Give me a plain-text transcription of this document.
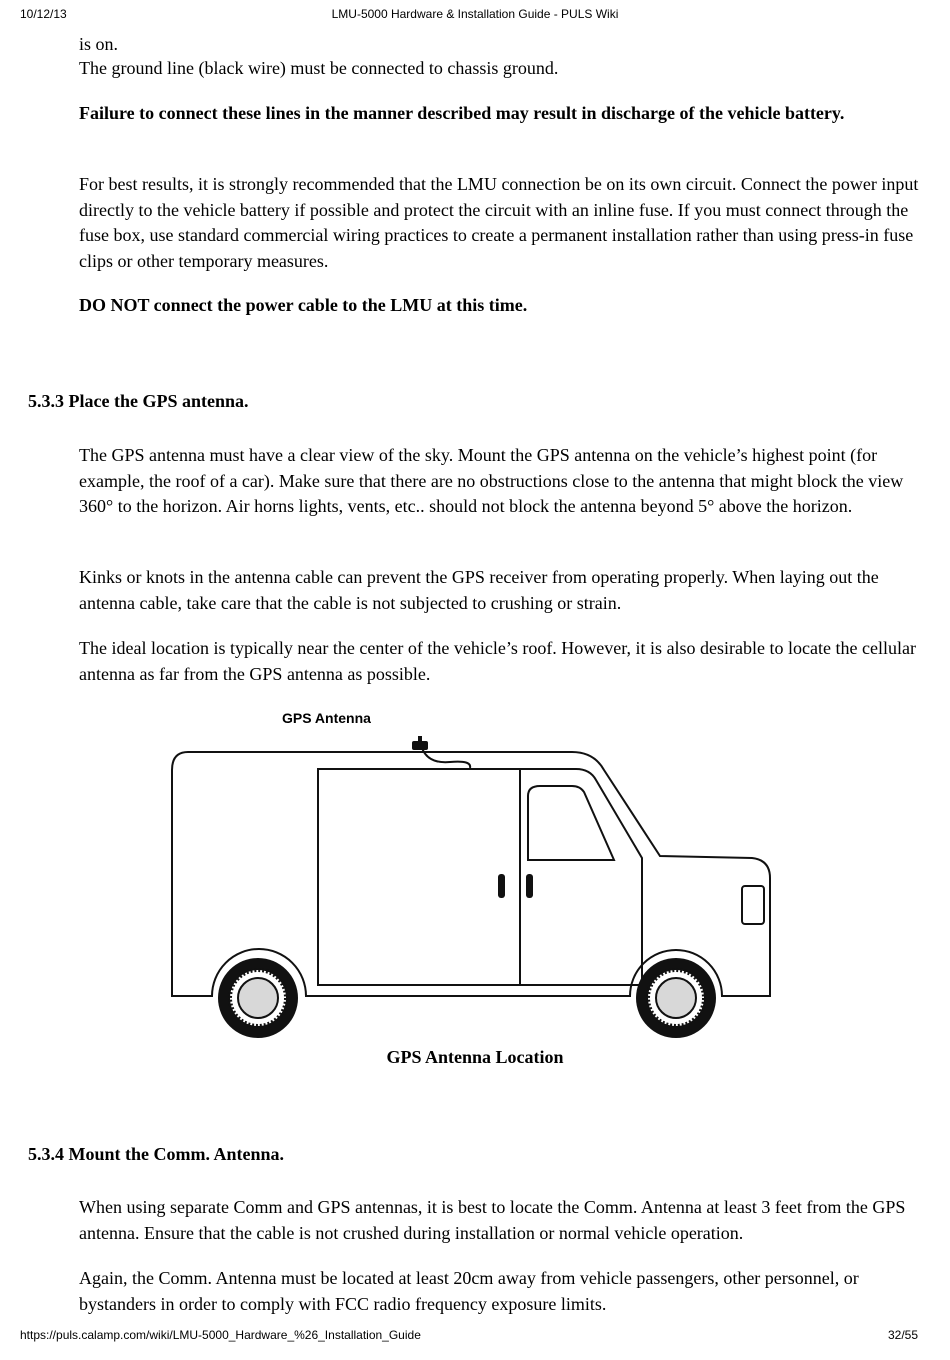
10/12/13	LMU-5000 Hardware & Installation Guide - PULS Wiki

is on.

The ground line (black wire) must be connected to chassis ground.

Failure to connect these lines in the manner described may result in discharge of the vehicle battery.

For best results, it is strongly recommended that the LMU connection be on its own circuit. Connect the power input directly to the vehicle battery if possible and protect the circuit with an inline fuse. If you must connect through the fuse box, use standard commercial wiring practices to create a permanent installation rather than using press-in fuse clips or other temporary measures.

DO NOT connect the power cable to the LMU at this time.

5.3.3 Place the GPS antenna.

The GPS antenna must have a clear view of the sky. Mount the GPS antenna on the vehicle’s highest point (for example, the roof of a car). Make sure that there are no obstructions close to the antenna that might block the view 360° to the horizon. Air horns lights, vents, etc.. should not block the antenna beyond 5° above the horizon.

Kinks or knots in the antenna cable can prevent the GPS receiver from operating properly. When laying out the antenna cable, take care that the cable is not subjected to crushing or strain.

The ideal location is typically near the center of the vehicle’s roof. However, it is also desirable to locate the cellular antenna as far from the GPS antenna as possible.

GPS Antenna

GPS Antenna Location

5.3.4 Mount the Comm. Antenna.

When using separate Comm and GPS antennas, it is best to locate the Comm. Antenna at least 3 feet from the GPS antenna. Ensure that the cable is not crushed during installation or normal vehicle operation.

Again, the Comm. Antenna must be located at least 20cm away from vehicle passengers, other personnel, or bystanders in order to comply with FCC radio frequency exposure limits.

https://puls.calamp.com/wiki/LMU-5000_Hardware_%26_Installation_Guide	32/55
